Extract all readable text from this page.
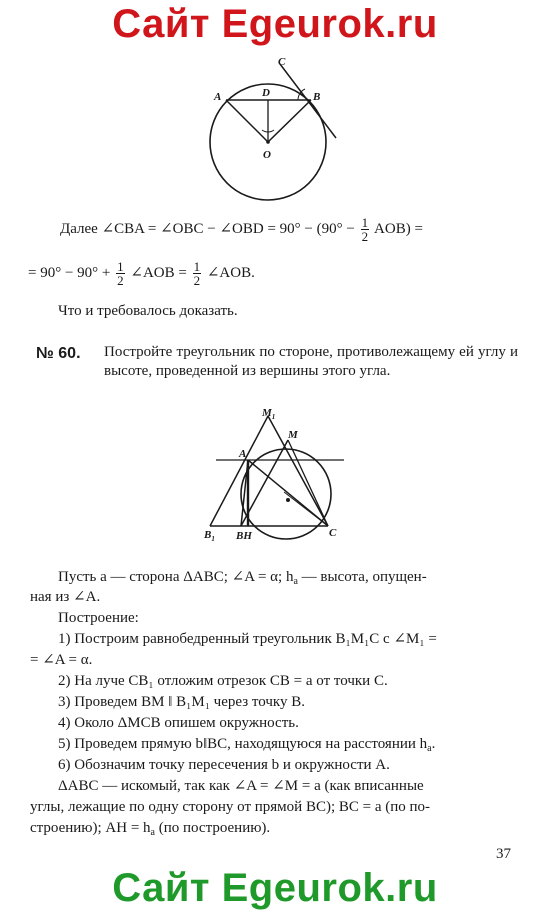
Сайт Egeurok.ru
A	D	B
C
O
Далее ∠CBA = ∠OBC − ∠OBD = $90^\circ - (90^\circ - \frac{1}{2} AOB)$ =
= $90^\circ - 90^\circ + \frac{1}{2}$ ∠AOB = $\frac{1}{2}$ ∠AOB.
Что и требовалось доказать.
№ 60. Постройте треугольник по стороне, противолежащему ей углу и высоте, проведенной из вершины этого угла.
$M_1$
M
A
$B_1$ BH	C
Пусть a — сторона ΔABC; ∠A = α; $h_a$ — высота, опущен-
ная из ∠A.
Построение:
1) Построим равнобедренный треугольник B₁M₁C с ∠M₁ =
= ∠A = α.
2) На луче CB₁ отложим отрезок CB = a от точки C.
3) Проведем BM ‖ B₁M₁ через точку B.
4) Около ΔMCB опишем окружность.
5) Проведем прямую b‖BC, находящуюся на расстоянии $h_a$.
6) Обозначим точку пересечения b и окружности A.
ΔABC — искомый, так как ∠A = ∠M = a (как вписанные
углы, лежащие по одну сторону от прямой BC); BC = a (по по-
строению); AH = $h_a$ (по построению).
37
Сайт Egeurok.ru
